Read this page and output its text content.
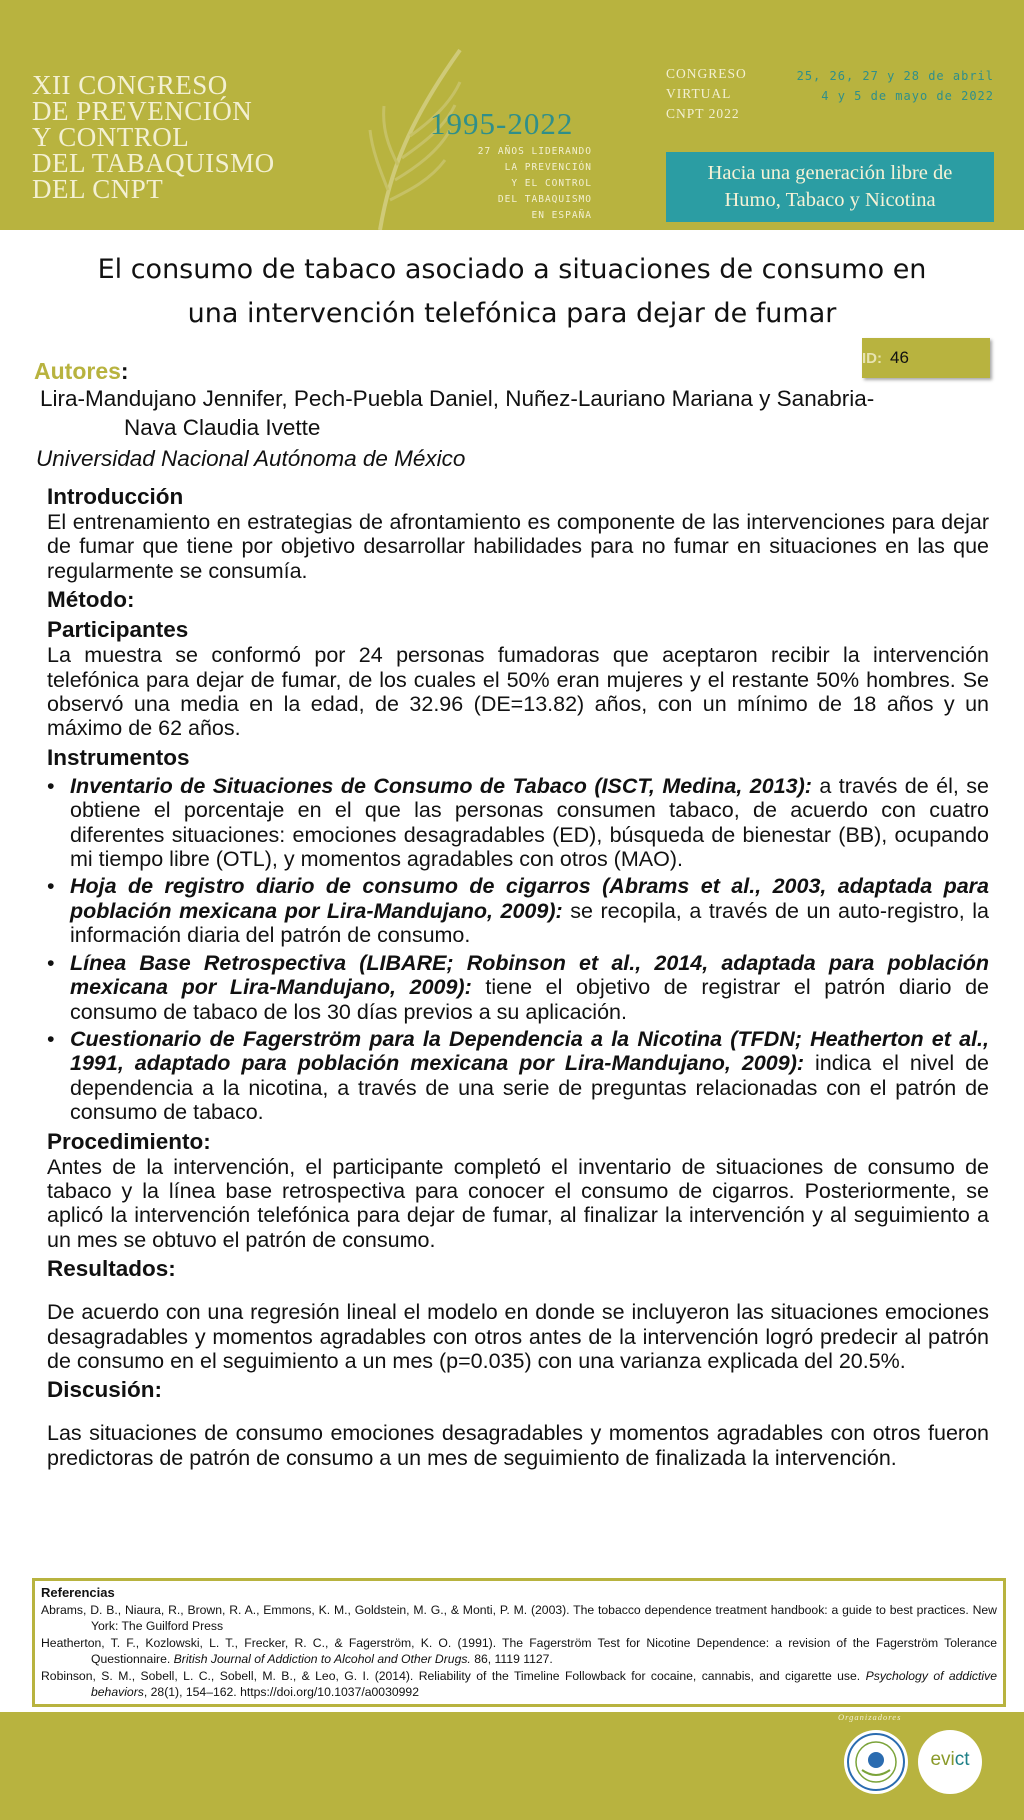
XII CONGRESO
DE PREVENCIÓN
Y CONTROL
DEL TABAQUISMO
DEL CNPT
1995-2022
27 AÑOS LIDERANDO
LA PREVENCIÓN
Y EL CONTROL
DEL TABAQUISMO
EN ESPAÑA
CONGRESO
VIRTUAL
CNPT 2022
25, 26, 27 y 28 de abril
4 y 5 de mayo de 2022
Hacia una generación libre de
Humo, Tabaco y Nicotina
El consumo de tabaco asociado a situaciones de consumo en
una intervención telefónica para dejar de fumar
ID: 46
Autores:
Lira-Mandujano Jennifer, Pech-Puebla Daniel, Nuñez-Lauriano Mariana y Sanabria-
Nava Claudia Ivette
Universidad Nacional Autónoma de México
Introducción

El entrenamiento en estrategias de afrontamiento es componente de las intervenciones para dejar de fumar que tiene por objetivo desarrollar habilidades para no fumar en situaciones en las que regularmente se consumía.

Método:
Participantes

La muestra se conformó por 24 personas fumadoras que aceptaron recibir la intervención telefónica para dejar de fumar, de los cuales el 50% eran mujeres y el restante 50% hombres. Se observó una media en la edad, de 32.96 (DE=13.82) años, con un mínimo de 18 años y un máximo de 62 años.

Instrumentos
• Inventario de Situaciones de Consumo de Tabaco (ISCT, Medina, 2013): a través de él, se obtiene el porcentaje en el que las personas consumen tabaco, de acuerdo con cuatro diferentes situaciones: emociones desagradables (ED), búsqueda de bienestar (BB), ocupando mi tiempo libre (OTL), y momentos agradables con otros (MAO).
• Hoja de registro diario de consumo de cigarros (Abrams et al., 2003, adaptada para población mexicana por Lira-Mandujano, 2009): se recopila, a través de un auto-registro, la información diaria del patrón de consumo.
• Línea Base Retrospectiva (LIBARE; Robinson et al., 2014, adaptada para población mexicana por Lira-Mandujano, 2009): tiene el objetivo de registrar el patrón diario de consumo de tabaco de los 30 días previos a su aplicación.
• Cuestionario de Fagerström para la Dependencia a la Nicotina (TFDN; Heatherton et al., 1991, adaptado para población mexicana por Lira-Mandujano, 2009): indica el nivel de dependencia a la nicotina, a través de una serie de preguntas relacionadas con el patrón de consumo de tabaco.
Procedimiento:

Antes de la intervención, el participante completó el inventario de situaciones de consumo de tabaco y la línea base retrospectiva para conocer el consumo de cigarros. Posteriormente, se aplicó la intervención telefónica para dejar de fumar, al finalizar la intervención y al seguimiento a un mes se obtuvo el patrón de consumo.

Resultados:

De acuerdo con una regresión lineal el modelo en donde se incluyeron las situaciones emociones desagradables y momentos agradables con otros antes de la intervención logró predecir al patrón de consumo en el seguimiento a un mes (p=0.035) con una varianza explicada del 20.5%.

Discusión:

Las situaciones de consumo emociones desagradables y momentos agradables con otros fueron predictoras de patrón de consumo a un mes de seguimiento de finalizada la intervención.

Referencias
Abrams, D. B., Niaura, R., Brown, R. A., Emmons, K. M., Goldstein, M. G., & Monti, P. M. (2003). The tobacco dependence treatment handbook: a guide to best practices. New York: The Guilford Press
Heatherton, T. F., Kozlowski, L. T., Frecker, R. C., & Fagerström, K. O. (1991). The Fagerström Test for Nicotine Dependence: a revision of the Fagerström Tolerance Questionnaire. British Journal of Addiction to Alcohol and Other Drugs. 86, 1119 1127.
Robinson, S. M., Sobell, L. C., Sobell, M. B., & Leo, G. I. (2014). Reliability of the Timeline Followback for cocaine, cannabis, and cigarette use. Psychology of addictive behaviors, 28(1), 154–162. https://doi.org/10.1037/a0030992
Organizadores
evict
